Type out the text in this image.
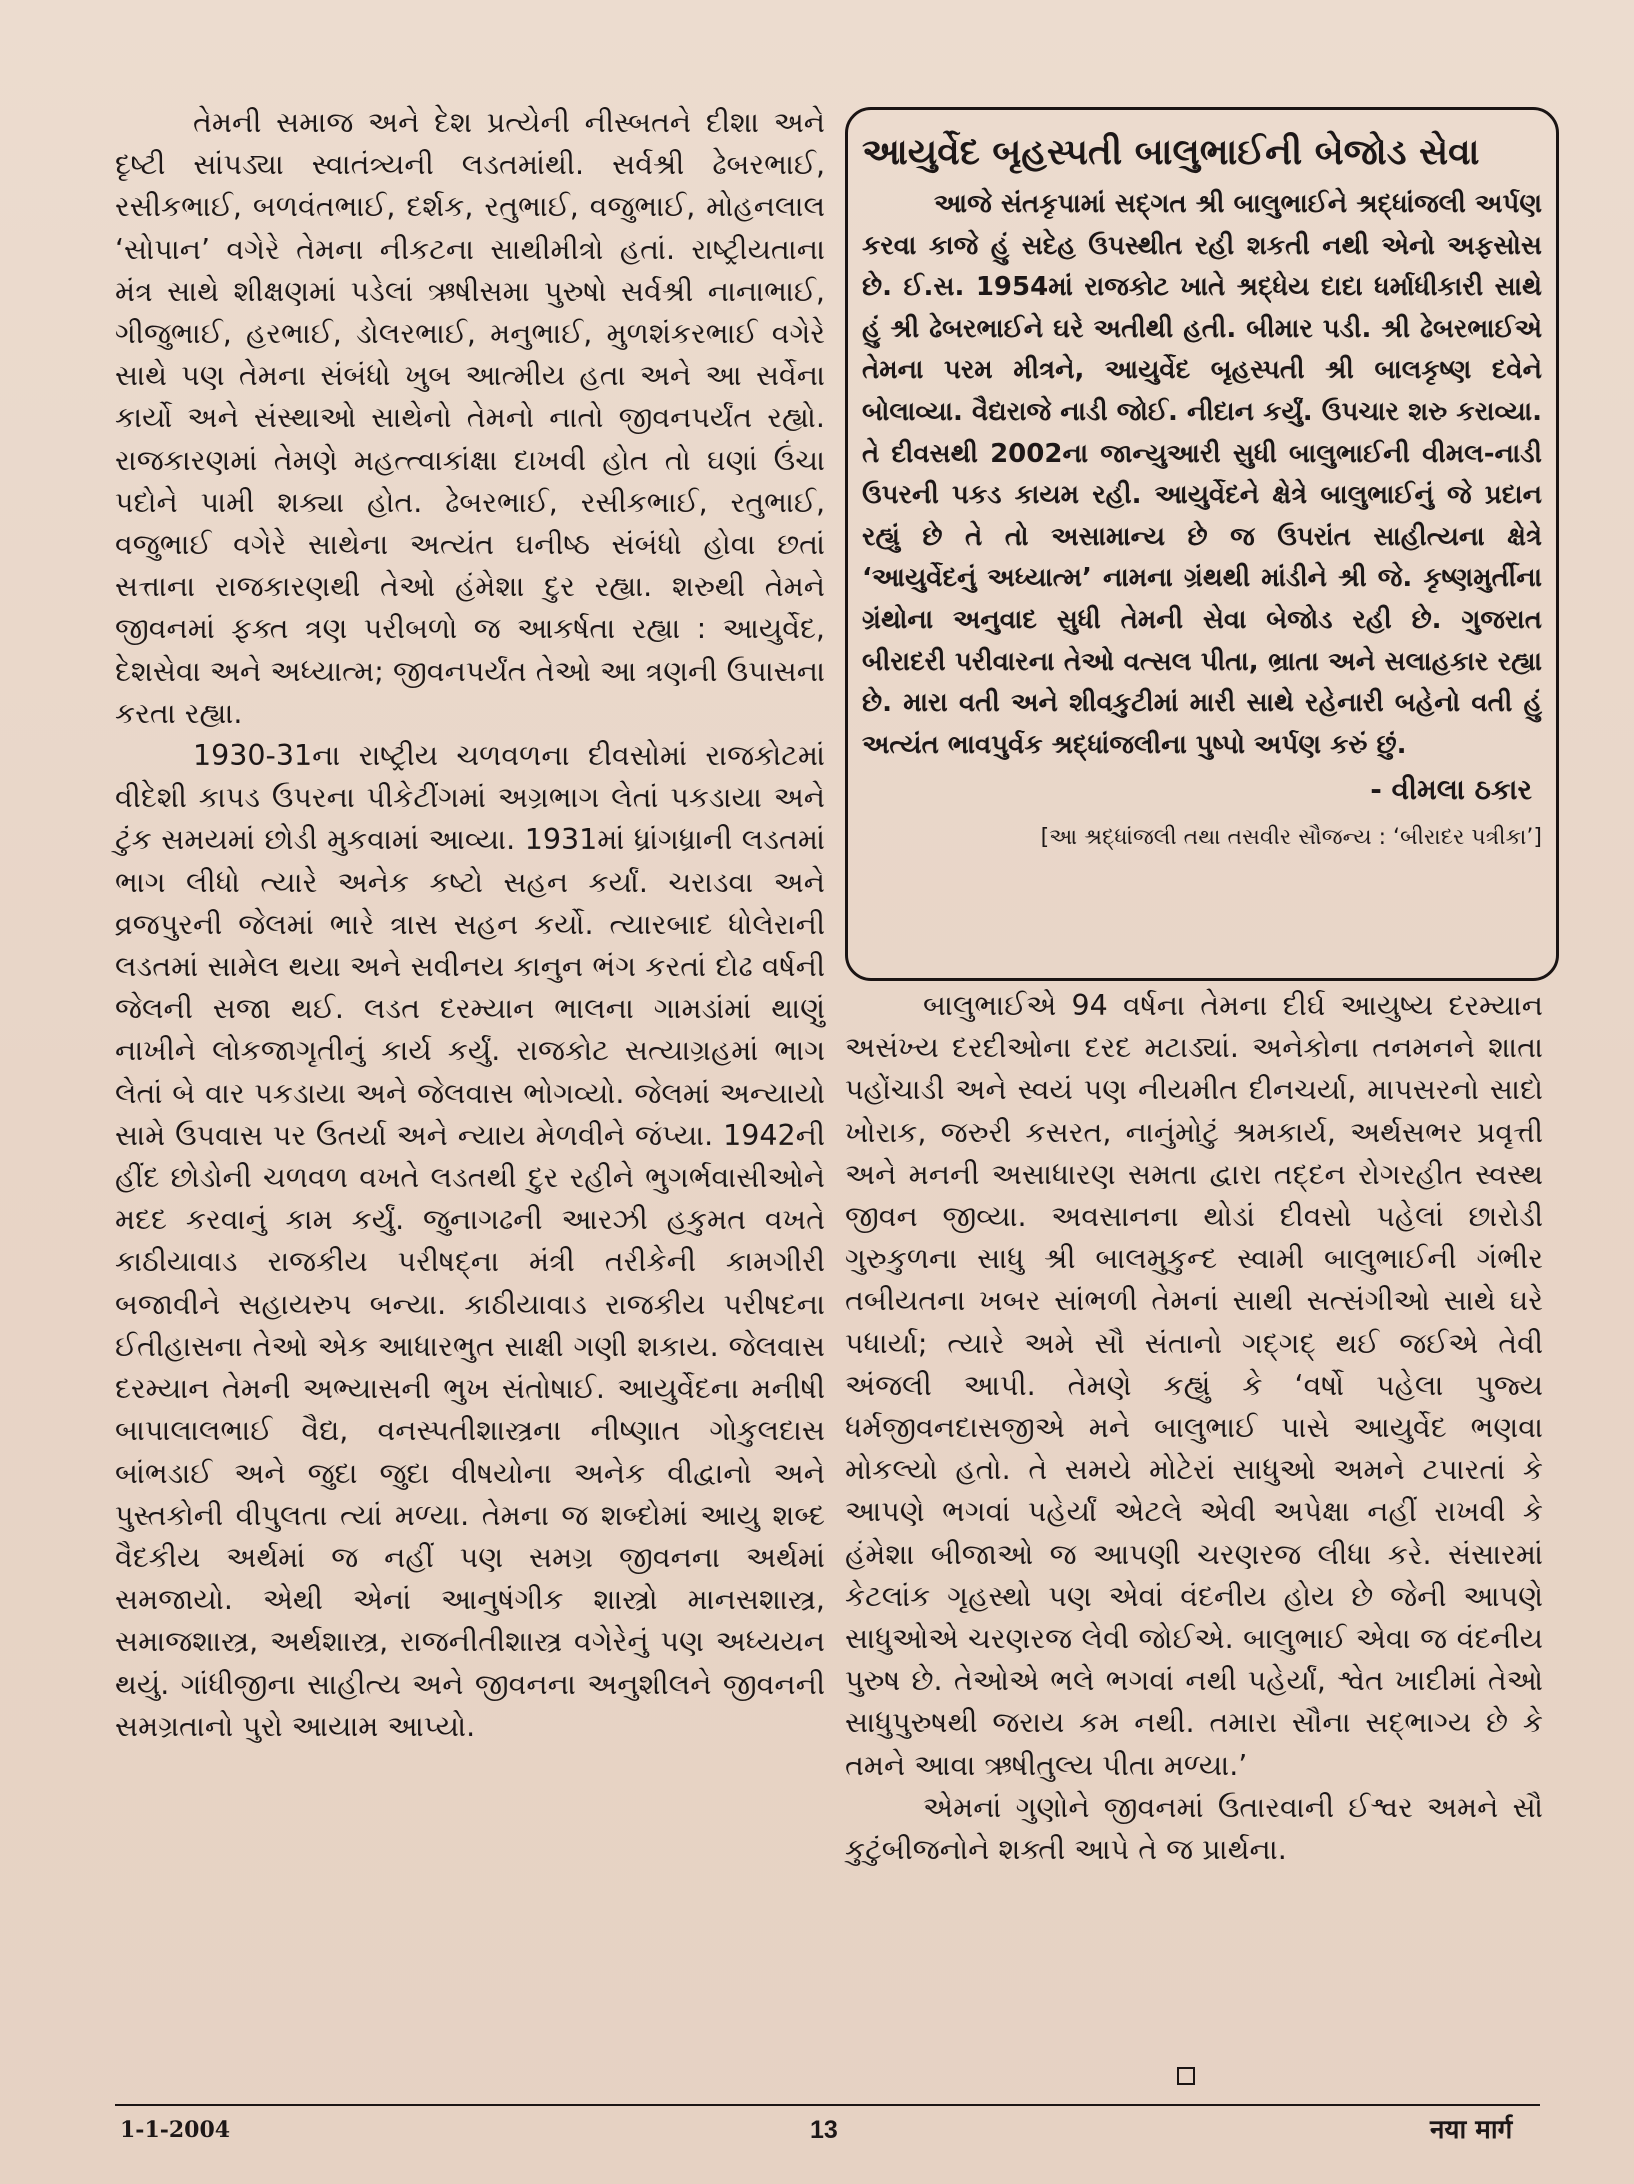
તેમની સમાજ અને દેશ પ્રત્યેની નીસ્બતને દીશા અને દૃષ્ટી સાંપડ્યા સ્વાતંત્ર્યની લડતમાંથી. સર્વશ્રી ઢેબરભાઈ, રસીકભાઈ, બળવંતભાઈ, દર્શક, રતુભાઈ, વજુભાઈ, મોહનલાલ ‘સોપાન’ વગેરે તેમના નીકટના સાથીમીત્રો હતાં. રાષ્ટ્રીયતાના મંત્ર સાથે શીક્ષણમાં પડેલાં ઋષીસમા પુરુષો સર્વશ્રી નાનાભાઈ, ગીજુભાઈ, હરભાઈ, ડોલરભાઈ, મનુભાઈ, મુળશંકરભાઈ વગેરે સાથે પણ તેમના સંબંધો ખુબ આત્મીય હતા અને આ સર્વેના કાર્યો અને સંસ્થાઓ સાથેનો તેમનો નાતો જીવનપર્યંત રહ્યો. રાજકારણમાં તેમણે મહત્ત્વાકાંક્ષા દાખવી હોત તો ઘણાં ઉંચા પદોને પામી શક્યા હોત. ઢેબરભાઈ, રસીકભાઈ, રતુભાઈ, વજુભાઈ વગેરે સાથેના અત્યંત ઘનીષ્ઠ સંબંધો હોવા છતાં સત્તાના રાજકારણથી તેઓ હંમેશા દુર રહ્યા. શરુથી તેમને જીવનમાં ફક્ત ત્રણ પરીબળો જ આકર્ષતા રહ્યા : આયુર્વેદ, દેશસેવા અને અધ્યાત્મ; જીવનપર્યંત તેઓ આ ત્રણની ઉપાસના કરતા રહ્યા.

1930-31ના રાષ્ટ્રીય ચળવળના દીવસોમાં રાજકોટમાં વીદેશી કાપડ ઉપરના પીકેટીંગમાં અગ્રભાગ લેતાં પકડાયા અને ટુંક સમયમાં છોડી મુકવામાં આવ્યા. 1931માં ધ્રાંગધ્રાની લડતમાં ભાગ લીધો ત્યારે અનેક કષ્ટો સહન કર્યાં. ચરાડવા અને વ્રજપુરની જેલમાં ભારે ત્રાસ સહન કર્યો. ત્યારબાદ ધોલેરાની લડતમાં સામેલ થયા અને સવીનય કાનુન ભંગ કરતાં દોઢ વર્ષની જેલની સજા થઈ. લડત દરમ્યાન ભાલના ગામડાંમાં થાણું નાખીને લોકજાગૃતીનું કાર્ય કર્યું. રાજકોટ સત્યાગ્રહમાં ભાગ લેતાં બે વાર પકડાયા અને જેલવાસ ભોગવ્યો. જેલમાં અન્યાયો સામે ઉપવાસ પર ઉતર્યા અને ન્યાય મેળવીને જંપ્યા. 1942ની હીંદ છોડોની ચળવળ વખતે લડતથી દુર રહીને ભુગર્ભવાસીઓને મદદ કરવાનું કામ કર્યું. જુનાગઢની આરઝી હકુમત વખતે કાઠીયાવાડ રાજકીય પરીષદ્‌ના મંત્રી તરીકેની કામગીરી બજાવીને સહાયરુપ બન્યા. કાઠીયાવાડ રાજકીય પરીષદના ઈતીહાસના તેઓ એક આધારભુત સાક્ષી ગણી શકાય. જેલવાસ દરમ્યાન તેમની અભ્યાસની ભુખ સંતોષાઈ. આયુર્વેદના મનીષી બાપાલાલભાઈ વૈદ્ય, વનસ્પતીશાસ્ત્રના નીષ્ણાત ગોકુલદાસ બાંભડાઈ અને જુદા જુદા વીષયોના અનેક વીદ્વાનો અને પુસ્તકોની વીપુલતા ત્યાં મળ્યા. તેમના જ શબ્દોમાં આયુ શબ્દ વૈદકીય અર્થમાં જ નહીં પણ સમગ્ર જીવનના અર્થમાં સમજાયો. એથી એનાં આનુષંગીક શાસ્ત્રો માનસશાસ્ત્ર, સમાજશાસ્ત્ર, અર્થશાસ્ત્ર, રાજનીતીશાસ્ત્ર વગેરેનું પણ અધ્યયન થયું. ગાંધીજીના સાહીત્ય અને જીવનના અનુશીલને જીવનની સમગ્રતાનો પુરો આયામ આપ્યો.

આયુર્વેદ બૃહસ્પતી બાલુભાઈની બેજોડ સેવા

આજે સંતકૃપામાં સદ્‌ગત શ્રી બાલુભાઈને શ્રદ્ધાંજલી અર્પણ કરવા કાજે હું સદેહ ઉપસ્થીત રહી શકતી નથી એનો અફસોસ છે. ઈ.સ. 1954માં રાજકોટ ખાતે શ્રદ્ધેય દાદા ધર્માધીકારી સાથે હું શ્રી ઢેબરભાઈને ઘરે અતીથી હતી. બીમાર પડી. શ્રી ઢેબરભાઈએ તેમના પરમ મીત્રને, આયુર્વેદ બૃહસ્પતી શ્રી બાલકૃષ્ણ દવેને બોલાવ્યા. વૈદ્યરાજે નાડી જોઈ. નીદાન કર્યું. ઉપચાર શરુ કરાવ્યા. તે દીવસથી 2002ના જાન્યુઆરી સુધી બાલુભાઈની વીમલ-નાડી ઉપરની પકડ કાયમ રહી. આયુર્વેદને ક્ષેત્રે બાલુભાઈનું જે પ્રદાન રહ્યું છે તે તો અસામાન્ય છે જ ઉપરાંત સાહીત્યના ક્ષેત્રે ‘આયુર્વેદનું અધ્યાત્મ’ નામના ગ્રંથથી માંડીને શ્રી જે. કૃષ્ણમુર્તીના ગ્રંથોના અનુવાદ સુધી તેમની સેવા બેજોડ રહી છે. ગુજરાત બીરાદરી પરીવારના તેઓ વત્સલ પીતા, ભ્રાતા અને સલાહકાર રહ્યા છે. મારા વતી અને શીવકુટીમાં મારી સાથે રહેનારી બહેનો વતી હું અત્યંત ભાવપુર્વક શ્રદ્ધાંજલીના પુષ્પો અર્પણ કરું છું.

- વીમલા ઠકાર
[આ શ્રદ્ધાંજલી તથા તસવીર સૌજન્ય : ‘બીરાદર પત્રીકા’]

બાલુભાઈએ 94 વર્ષના તેમના દીર્ઘ આયુષ્ય દરમ્યાન અસંખ્ય દરદીઓના દરદ મટાડ્યાં. અનેકોના તનમનને શાતા પહોંચાડી અને સ્વયં પણ નીયમીત દીનચર્યા, માપસરનો સાદો ખોરાક, જરુરી કસરત, નાનુંમોટું શ્રમકાર્ય, અર્થસભર પ્રવૃત્તી અને મનની અસાધારણ સમતા દ્વારા તદ્દન રોગરહીત સ્વસ્થ જીવન જીવ્યા. અવસાનના થોડાં દીવસો પહેલાં છારોડી ગુરુકુળના સાધુ શ્રી બાલમુકુન્દ સ્વામી બાલુભાઈની ગંભીર તબીયતના ખબર સાંભળી તેમનાં સાથી સત્સંગીઓ સાથે ઘરે પધાર્યા; ત્યારે અમે સૌ સંતાનો ગદ્‌ગદ્‌ થઈ જઈએ તેવી અંજલી આપી. તેમણે કહ્યું કે ‘વર્ષો પહેલા પુજ્ય ધર્મજીવનદાસજીએ મને બાલુભાઈ પાસે આયુર્વેદ ભણવા મોકલ્યો હતો. તે સમયે મોટેરાં સાધુઓ અમને ટપારતાં કે આપણે ભગવાં પહેર્યાં એટલે એવી અપેક્ષા નહીં રાખવી કે હંમેશા બીજાઓ જ આપણી ચરણરજ લીધા કરે. સંસારમાં કેટલાંક ગૃહસ્થો પણ એવાં વંદનીય હોય છે જેની આપણે સાધુઓએ ચરણરજ લેવી જોઈએ. બાલુભાઈ એવા જ વંદનીય પુરુષ છે. તેઓએ ભલે ભગવાં નથી પહેર્યાં, શ્વેત ખાદીમાં તેઓ સાધુપુરુષથી જરાય કમ નથી. તમારા સૌના સદ્‌ભાગ્ય છે કે તમને આવા ઋષીતુલ્ય પીતા મળ્યા.’

એમનાં ગુણોને જીવનમાં ઉતારવાની ઈશ્વર અમને સૌ કુટુંબીજનોને શક્તી આપે તે જ પ્રાર્થના.

1-1-2004	13	नया मार्ग
